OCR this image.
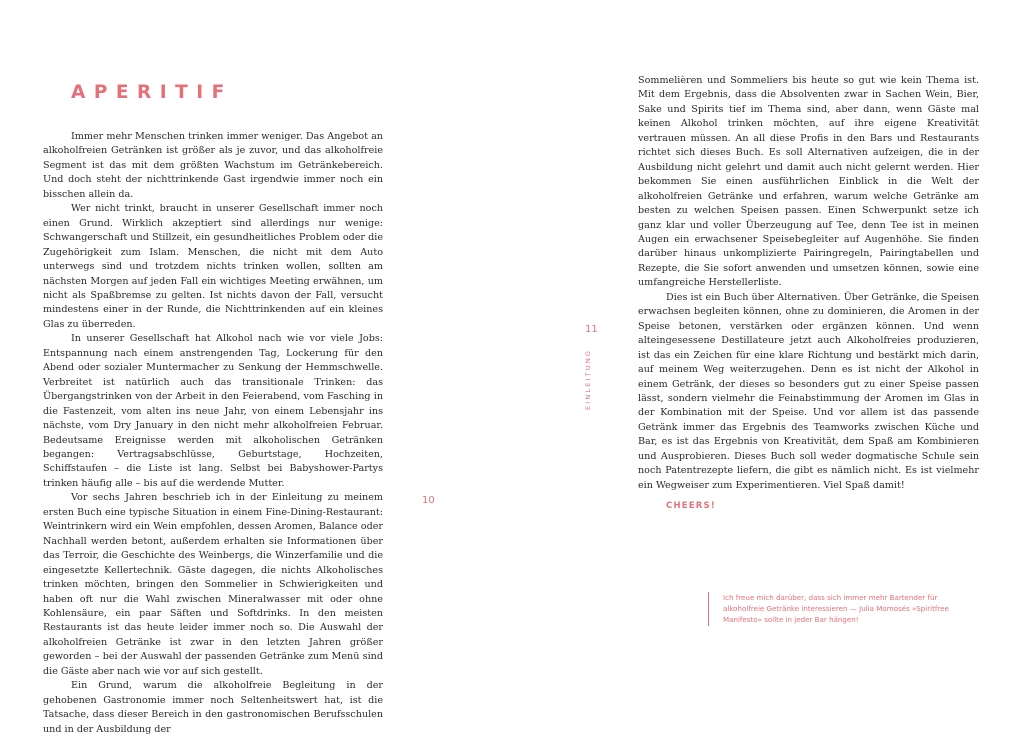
APERITIF

Immer mehr Menschen trinken immer weniger. Das Angebot an alkoholfreien Getränken ist größer als je zuvor, und das alkoholfreie Segment ist das mit dem größten Wachstum im Getränkebereich. Und doch steht der nichttrinkende Gast irgendwie immer noch ein bisschen allein da.

Wer nicht trinkt, braucht in unserer Gesellschaft immer noch einen Grund. Wirklich akzeptiert sind allerdings nur wenige: Schwangerschaft und Stillzeit, ein gesundheitliches Problem oder die Zugehörigkeit zum Islam. Menschen, die nicht mit dem Auto unterwegs sind und trotzdem nichts trinken wollen, sollten am nächsten Morgen auf jeden Fall ein wichtiges Meeting erwähnen, um nicht als Spaßbremse zu gelten. Ist nichts davon der Fall, versucht mindestens einer in der Runde, die Nichttrinkenden auf ein kleines Glas zu überreden.

In unserer Gesellschaft hat Alkohol nach wie vor viele Jobs: Entspannung nach einem anstrengenden Tag, Lockerung für den Abend oder sozialer Muntermacher zu Senkung der Hemmschwelle. Verbreitet ist natürlich auch das transitionale Trinken: das Übergangstrinken von der Arbeit in den Feierabend, vom Fasching in die Fastenzeit, vom alten ins neue Jahr, von einem Lebensjahr ins nächste, vom Dry January in den nicht mehr alkoholfreien Februar. Bedeutsame Ereignisse werden mit alkoholischen Getränken begangen: Vertragsabschlüsse, Geburtstage, Hochzeiten, Schiffstaufen – die Liste ist lang. Selbst bei Babyshower-Partys trinken häufig alle – bis auf die werdende Mutter.

Vor sechs Jahren beschrieb ich in der Einleitung zu meinem ersten Buch eine typische Situation in einem Fine-Dining-Restaurant: Weintrinkern wird ein Wein empfohlen, dessen Aromen, Balance oder Nachhall werden betont, außerdem erhalten sie Informationen über das Terroir, die Geschichte des Weinbergs, die Winzerfamilie und die eingesetzte Kellertechnik. Gäste dagegen, die nichts Alkoholisches trinken möchten, bringen den Sommelier in Schwierigkeiten und haben oft nur die Wahl zwischen Mineralwasser mit oder ohne Kohlensäure, ein paar Säften und Softdrinks. In den meisten Restaurants ist das heute leider immer noch so. Die Auswahl der alkoholfreien Getränke ist zwar in den letzten Jahren größer geworden – bei der Auswahl der passenden Getränke zum Menü sind die Gäste aber nach wie vor auf sich gestellt.

Ein Grund, warum die alkoholfreie Begleitung in der gehobenen Gastronomie immer noch Seltenheitswert hat, ist die Tatsache, dass dieser Bereich in den gastronomischen Berufsschulen und in der Ausbildung der

10
11
EINLEITUNG

Sommelièren und Sommeliers bis heute so gut wie kein Thema ist. Mit dem Ergebnis, dass die Absolventen zwar in Sachen Wein, Bier, Sake und Spirits tief im Thema sind, aber dann, wenn Gäste mal keinen Alkohol trinken möchten, auf ihre eigene Kreativität vertrauen müssen. An all diese Profis in den Bars und Restaurants richtet sich dieses Buch. Es soll Alternativen aufzeigen, die in der Ausbildung nicht gelehrt und damit auch nicht gelernt werden. Hier bekommen Sie einen ausführlichen Einblick in die Welt der alkoholfreien Getränke und erfahren, warum welche Getränke am besten zu welchen Speisen passen. Einen Schwerpunkt setze ich ganz klar und voller Überzeugung auf Tee, denn Tee ist in meinen Augen ein erwachsener Speisebegleiter auf Augenhöhe. Sie finden darüber hinaus unkomplizierte Pairingregeln, Pairingtabellen und Rezepte, die Sie sofort anwenden und umsetzen können, sowie eine umfangreiche Herstellerliste.

Dies ist ein Buch über Alternativen. Über Getränke, die Speisen erwachsen begleiten können, ohne zu dominieren, die Aromen in der Speise betonen, verstärken oder ergänzen können. Und wenn alteingesessene Destillateure jetzt auch Alkoholfreies produzieren, ist das ein Zeichen für eine klare Richtung und bestärkt mich darin, auf meinem Weg weiterzugehen. Denn es ist nicht der Alkohol in einem Getränk, der dieses so besonders gut zu einer Speise passen lässt, sondern vielmehr die Feinabstimmung der Aromen im Glas in der Kombination mit der Speise. Und vor allem ist das passende Getränk immer das Ergebnis des Teamworks zwischen Küche und Bar, es ist das Ergebnis von Kreativität, dem Spaß am Kombinieren und Ausprobieren. Dieses Buch soll weder dogmatische Schule sein noch Patentrezepte liefern, die gibt es nämlich nicht. Es ist vielmehr ein Wegweiser zum Experimentieren. Viel Spaß damit!

CHEERS!
Ich freue mich darüber, dass sich immer mehr Bartender für alkoholfreie Getränke interessieren — Julia Momosés »Spiritfree Manifesto« sollte in jeder Bar hängen!
